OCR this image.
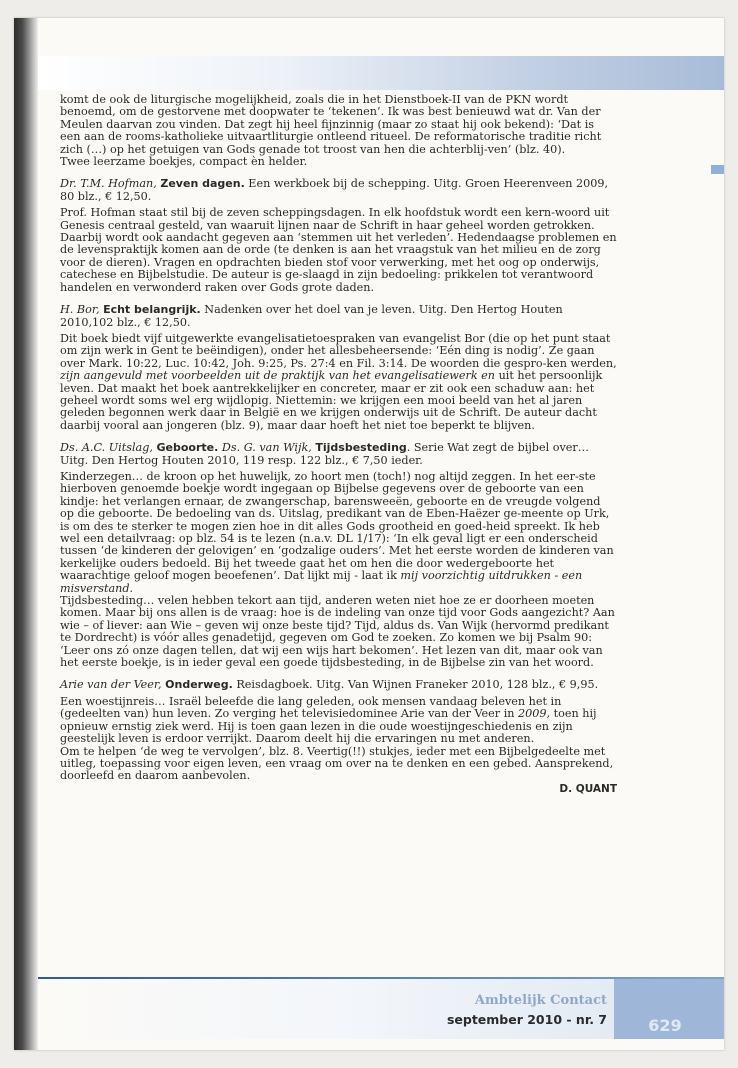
komt de ook de liturgische mogelijkheid, zoals die in het Dienstboek-II van de PKN wordt benoemd, om de gestorvene met doopwater te ‘tekenen’. Ik was best benieuwd wat dr. Van der Meulen daarvan zou vinden. Dat zegt hij heel fijnzinnig (maar zo staat hij ook bekend): ‘Dat is een aan de rooms-katholieke uitvaartliturgie ontleend ritueel. De reformatorische traditie richt zich (…) op het getuigen van Gods genade tot troost van hen die achterblij-ven’ (blz. 40).

Twee leerzame boekjes, compact èn helder.

Dr. T.M. Hofman, Zeven dagen. Een werkboek bij de schepping. Uitg. Groen Heerenveen 2009, 80 blz., € 12,50.

Prof. Hofman staat stil bij de zeven scheppingsdagen. In elk hoofdstuk wordt een kern-woord uit Genesis centraal gesteld, van waaruit lijnen naar de Schrift in haar geheel worden getrokken. Daarbij wordt ook aandacht gegeven aan ‘stemmen uit het verleden’. Hedendaagse problemen en de levenspraktijk komen aan de orde (te denken is aan het vraagstuk van het milieu en de zorg voor de dieren). Vragen en opdrachten bieden stof voor verwerking, met het oog op onderwijs, catechese en Bijbelstudie. De auteur is ge-slaagd in zijn bedoeling: prikkelen tot verantwoord handelen en verwonderd raken over Gods grote daden.

H. Bor, Echt belangrijk. Nadenken over het doel van je leven. Uitg. Den Hertog Houten 2010,102 blz., € 12,50.

Dit boek biedt vijf uitgewerkte evangelisatietoespraken van evangelist Bor (die op het punt staat om zijn werk in Gent te beëindigen), onder het allesbeheersende: ‘Eén ding is nodig’. Ze gaan over Mark. 10:22, Luc. 10:42, Joh. 9:25, Ps. 27:4 en Fil. 3:14. De woorden die gespro-ken werden, zijn aangevuld met voorbeelden uit de praktijk van het evangelisatiewerk en uit het persoonlijk leven. Dat maakt het boek aantrekkelijker en concreter, maar er zit ook een schaduw aan: het geheel wordt soms wel erg wijdlopig. Niettemin: we krijgen een mooi beeld van het al jaren geleden begonnen werk daar in België en we krijgen onderwijs uit de Schrift. De auteur dacht daarbij vooral aan jongeren (blz. 9), maar daar hoeft het niet toe beperkt te blijven.

Ds. A.C. Uitslag, Geboorte. Ds. G. van Wijk, Tijdsbesteding. Serie Wat zegt de bijbel over… Uitg. Den Hertog Houten 2010, 119 resp. 122 blz., € 7,50 ieder.

Kinderzegen… de kroon op het huwelijk, zo hoort men (toch!) nog altijd zeggen. In het eer-ste hierboven genoemde boekje wordt ingegaan op Bijbelse gegevens over de geboorte van een kindje: het verlangen ernaar, de zwangerschap, barensweeën, geboorte en de vreugde volgend op die geboorte. De bedoeling van ds. Uitslag, predikant van de Eben-Haëzer ge-meente op Urk, is om des te sterker te mogen zien hoe in dit alles Gods grootheid en goed-heid spreekt. Ik heb wel een detailvraag: op blz. 54 is te lezen (n.a.v. DL 1/17): ‘In elk geval ligt er een onderscheid tussen ‘de kinderen der gelovigen’ en ‘godzalige ouders’. Met het eerste worden de kinderen van kerkelijke ouders bedoeld. Bij het tweede gaat het om hen die door wedergeboorte het waarachtige geloof mogen beoefenen’. Dat lijkt mij - laat ik mij voorzichtig uitdrukken - een misverstand.

Tijdsbesteding… velen hebben tekort aan tijd, anderen weten niet hoe ze er doorheen moeten komen. Maar bij ons allen is de vraag: hoe is de indeling van onze tijd voor Gods aangezicht? Aan wie – of liever: aan Wie – geven wij onze beste tijd? Tijd, aldus ds. Van Wijk (hervormd predikant te Dordrecht) is vóór alles genadetijd, gegeven om God te zoeken. Zo komen we bij Psalm 90: ‘Leer ons zó onze dagen tellen, dat wij een wijs hart bekomen’. Het lezen van dit, maar ook van het eerste boekje, is in ieder geval een goede tijdsbesteding, in de Bijbelse zin van het woord.

Arie van der Veer, Onderweg. Reisdagboek. Uitg. Van Wijnen Franeker 2010, 128 blz., € 9,95.

Een woestijnreis… Israël beleefde die lang geleden, ook mensen vandaag beleven het in (gedeelten van) hun leven. Zo verging het televisiedominee Arie van der Veer in 2009, toen hij opnieuw ernstig ziek werd. Hij is toen gaan lezen in die oude woestijngeschiedenis en zijn geestelijk leven is erdoor verrijkt. Daarom deelt hij die ervaringen nu met anderen.

Om te helpen ‘de weg te vervolgen’, blz. 8. Veertig(!!) stukjes, ieder met een Bijbelgedeelte met uitleg, toepassing voor eigen leven, een vraag om over na te denken en een gebed. Aansprekend, doorleefd en daarom aanbevolen.

D. QUANT

629
Ambtelijk Contact
september 2010 - nr. 7
